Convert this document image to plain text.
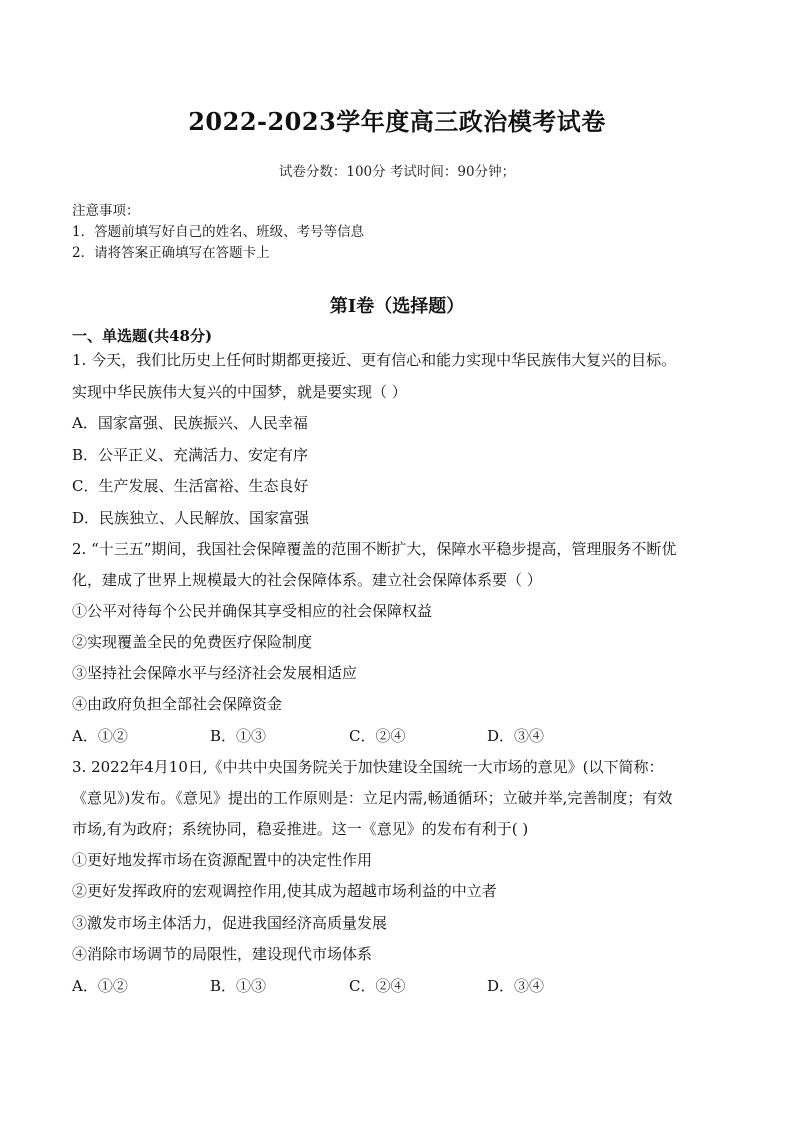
2022-2023学年度高三政治模考试卷
试卷分数：100分 考试时间：90分钟；
注意事项：
1．答题前填写好自己的姓名、班级、考号等信息
2．请将答案正确填写在答题卡上
第Ⅰ卷（选择题）
一、单选题(共48分)
1. 今天，我们比历史上任何时期都更接近、更有信心和能力实现中华民族伟大复兴的目标。
实现中华民族伟大复兴的中国梦，就是要实现（ ）
A．国家富强、民族振兴、人民幸福
B．公平正义、充满活力、安定有序
C．生产发展、生活富裕、生态良好
D．民族独立、人民解放、国家富强
2. “十三五”期间，我国社会保障覆盖的范围不断扩大，保障水平稳步提高，管理服务不断优
化，建成了世界上规模最大的社会保障体系。建立社会保障体系要（ ）
①公平对待每个公民并确保其享受相应的社会保障权益
②实现覆盖全民的免费医疗保险制度
③坚持社会保障水平与经济社会发展相适应
④由政府负担全部社会保障资金
A．①②	B．①③	C．②④	D．③④
3. 2022年4月10日,《中共中央国务院关于加快建设全国统一大市场的意见》(以下简称：
《意见》)发布。《意见》提出的工作原则是：立足内需,畅通循环；立破并举,完善制度；有效
市场,有为政府；系统协同，稳妥推进。这一《意见》的发布有利于( )
①更好地发挥市场在资源配置中的决定性作用
②更好发挥政府的宏观调控作用,使其成为超越市场利益的中立者
③激发市场主体活力，促进我国经济高质量发展
④消除市场调节的局限性，建设现代市场体系
A．①②	B．①③	C．②④	D．③④
